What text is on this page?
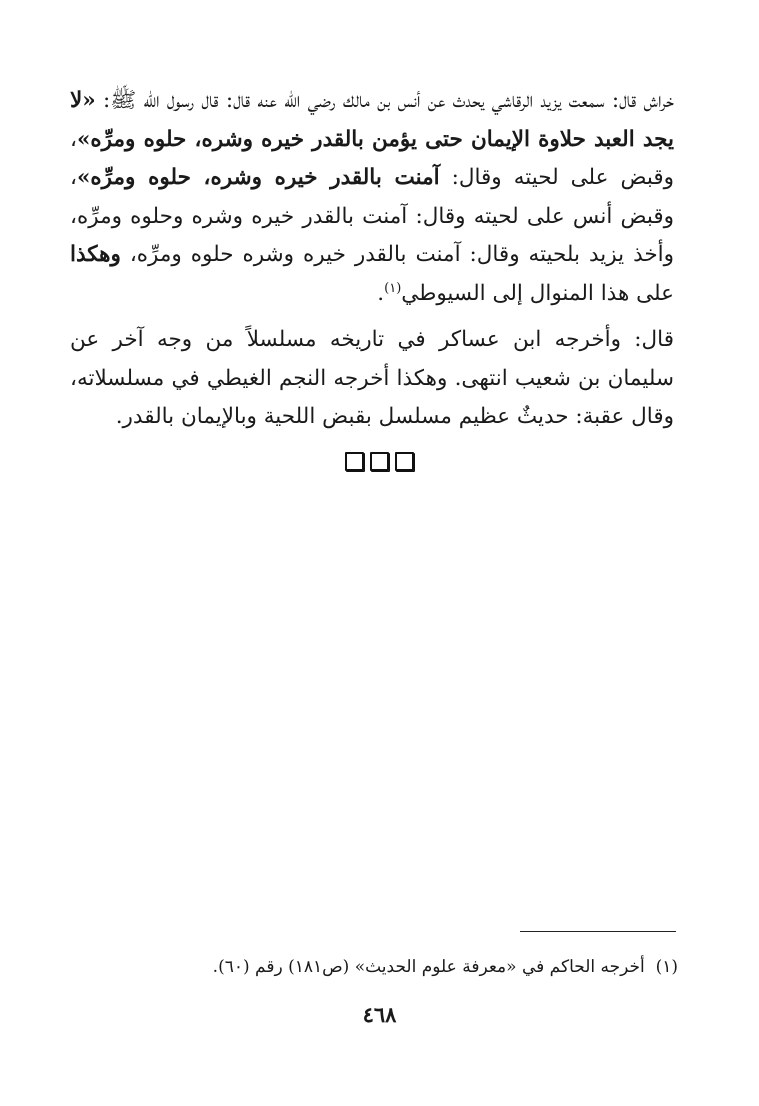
خراش قال: سمعت يزيد الرقاشي يحدث عن أنس بن مالك رضي الله عنه قال: قال رسول الله ﷺ: «لا يجد العبد حلاوة الإيمان حتى يؤمن بالقدر خيره وشره، حلوه ومرِّه»، وقبض على لحيته وقال: آمنت بالقدر خيره وشره، حلوه ومرِّه»، وقبض أنس على لحيته وقال: آمنت بالقدر خيره وشره وحلوه ومرِّه، وأخذ يزيد بلحيته وقال: آمنت بالقدر خيره وشره حلوه ومرِّه، وهكذا على هذا المنوال إلى السيوطي$^{(١)}$.

قال: وأخرجه ابن عساكر في تاريخه مسلسلاً من وجه آخر عن سليمان بن شعيب انتهى. وهكذا أخرجه النجم الغيطي في مسلسلاته، وقال عقبة: حديثٌ عظيم مسلسل بقبض اللحية وبالإيمان بالقدر.

(١)  أخرجه الحاكم في «معرفة علوم الحديث» (ص١٨١) رقم (٦٠).
٤٦٨
